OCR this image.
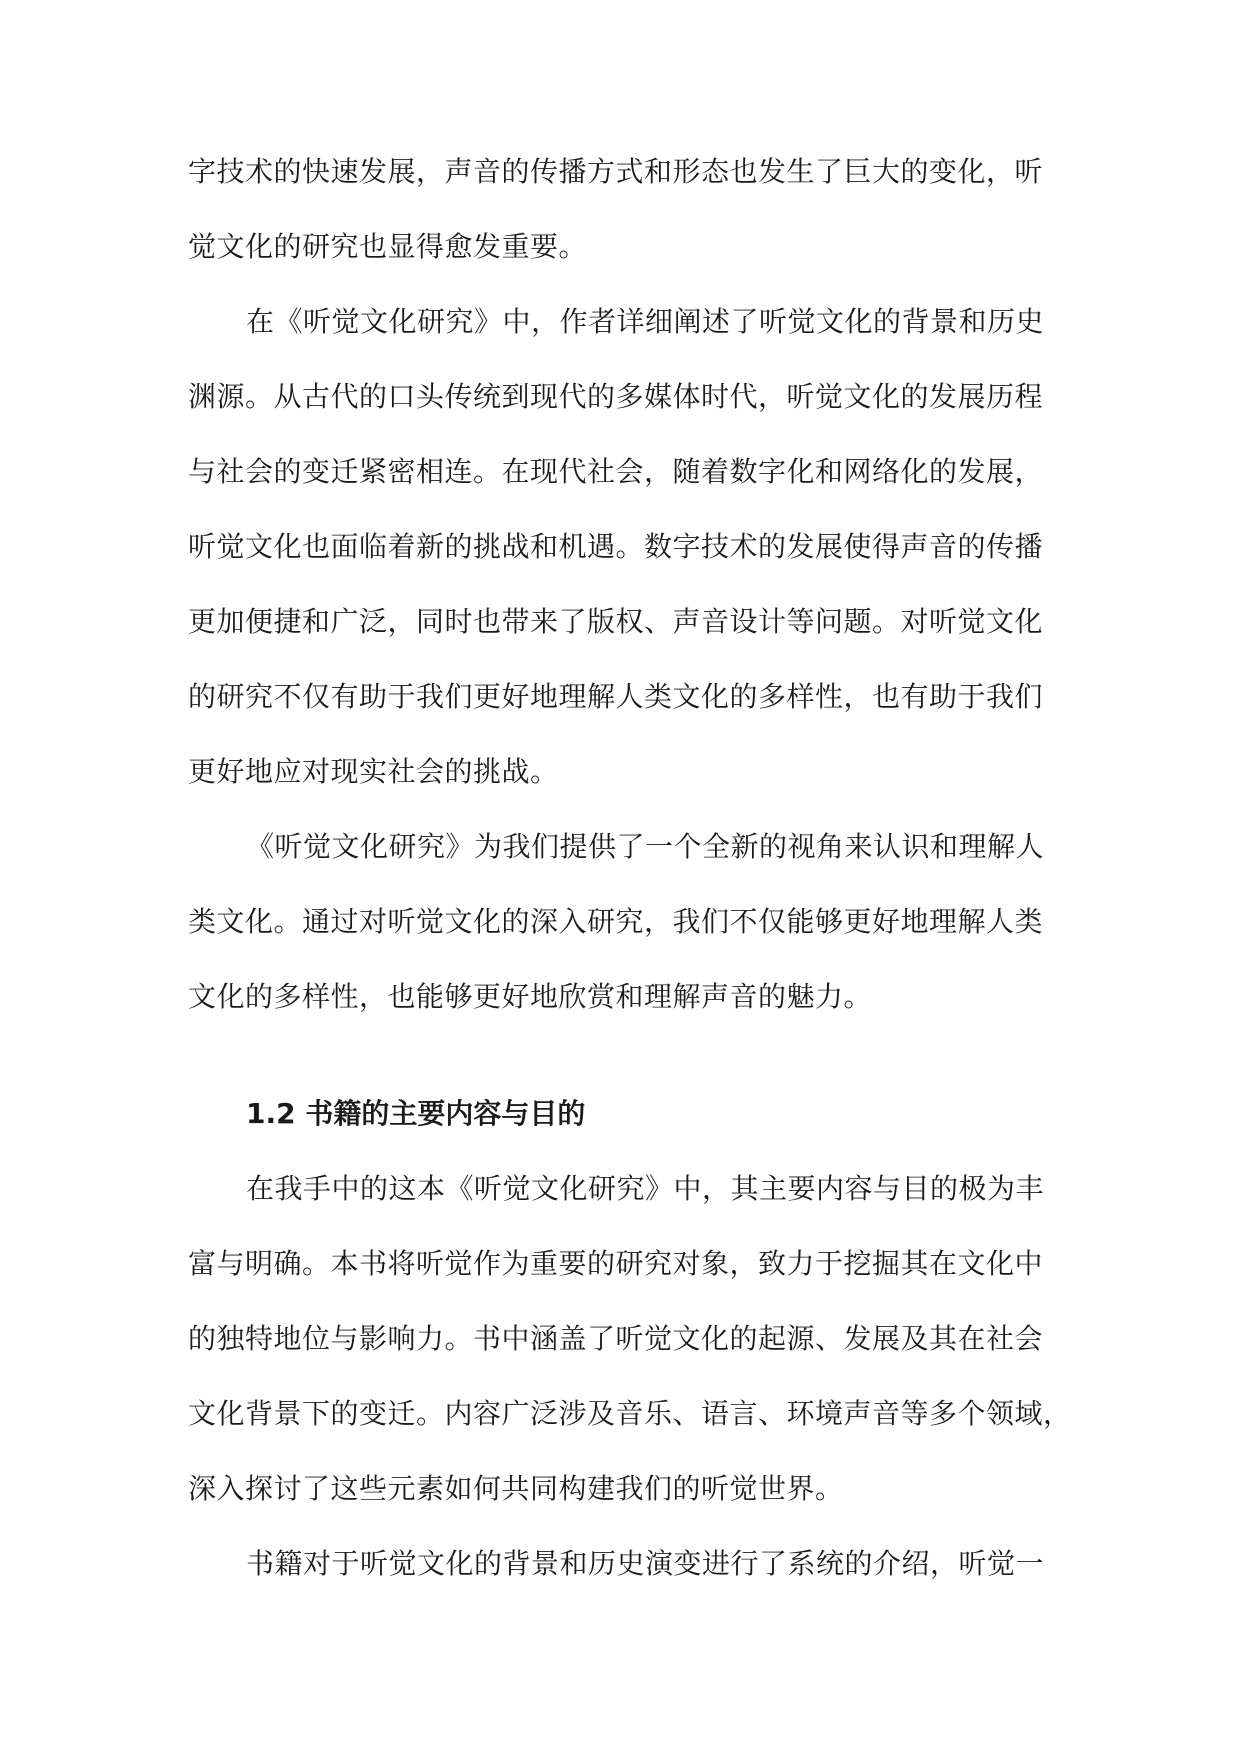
字技术的快速发展，声音的传播方式和形态也发生了巨大的变化，听
觉文化的研究也显得愈发重要。
在《听觉文化研究》中，作者详细阐述了听觉文化的背景和历史
渊源。从古代的口头传统到现代的多媒体时代，听觉文化的发展历程
与社会的变迁紧密相连。在现代社会，随着数字化和网络化的发展，
听觉文化也面临着新的挑战和机遇。数字技术的发展使得声音的传播
更加便捷和广泛，同时也带来了版权、声音设计等问题。对听觉文化
的研究不仅有助于我们更好地理解人类文化的多样性，也有助于我们
更好地应对现实社会的挑战。
《听觉文化研究》为我们提供了一个全新的视角来认识和理解人
类文化。通过对听觉文化的深入研究，我们不仅能够更好地理解人类
文化的多样性，也能够更好地欣赏和理解声音的魅力。
1.2 书籍的主要内容与目的
在我手中的这本《听觉文化研究》中，其主要内容与目的极为丰
富与明确。本书将听觉作为重要的研究对象，致力于挖掘其在文化中
的独特地位与影响力。书中涵盖了听觉文化的起源、发展及其在社会
文化背景下的变迁。内容广泛涉及音乐、语言、环境声音等多个领域，
深入探讨了这些元素如何共同构建我们的听觉世界。
书籍对于听觉文化的背景和历史演变进行了系统的介绍，听觉一
